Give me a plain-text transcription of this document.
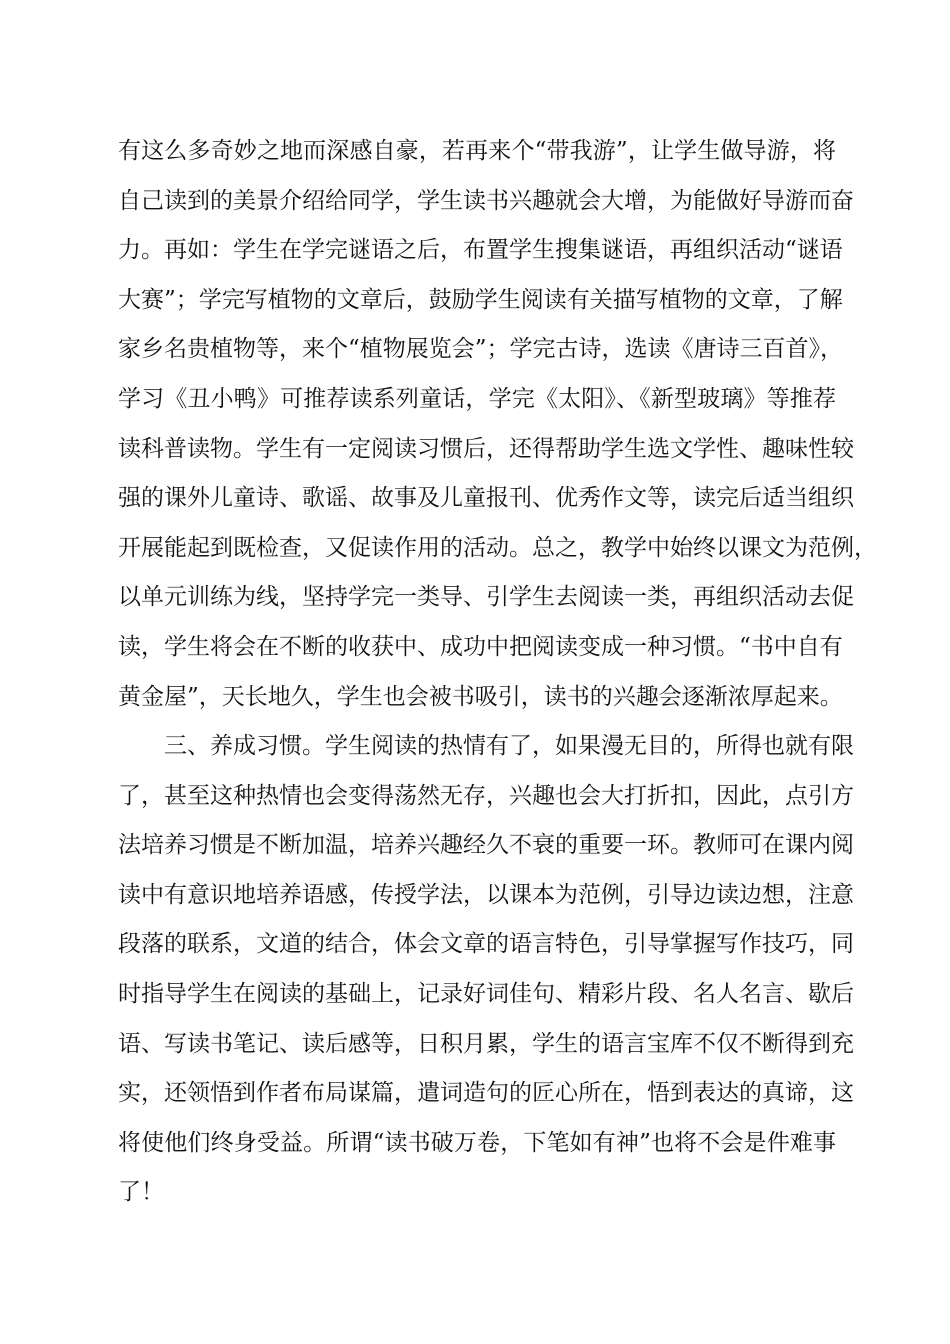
有这么多奇妙之地而深感自豪，若再来个“带我游”，让学生做导游，将
自己读到的美景介绍给同学，学生读书兴趣就会大增，为能做好导游而奋
力。再如：学生在学完谜语之后，布置学生搜集谜语，再组织活动“谜语
大赛”；学完写植物的文章后，鼓励学生阅读有关描写植物的文章，了解
家乡名贵植物等，来个“植物展览会”；学完古诗，选读《唐诗三百首》，
学习《丑小鸭》可推荐读系列童话，学完《太阳》、《新型玻璃》等推荐
读科普读物。学生有一定阅读习惯后，还得帮助学生选文学性、趣味性较
强的课外儿童诗、歌谣、故事及儿童报刊、优秀作文等，读完后适当组织
开展能起到既检查，又促读作用的活动。总之，教学中始终以课文为范例，
以单元训练为线，坚持学完一类导、引学生去阅读一类，再组织活动去促
读，学生将会在不断的收获中、成功中把阅读变成一种习惯。“书中自有
黄金屋”，天长地久，学生也会被书吸引，读书的兴趣会逐渐浓厚起来。
三、养成习惯。学生阅读的热情有了，如果漫无目的，所得也就有限
了，甚至这种热情也会变得荡然无存，兴趣也会大打折扣，因此，点引方
法培养习惯是不断加温，培养兴趣经久不衰的重要一环。教师可在课内阅
读中有意识地培养语感，传授学法，以课本为范例，引导边读边想，注意
段落的联系，文道的结合，体会文章的语言特色，引导掌握写作技巧，同
时指导学生在阅读的基础上，记录好词佳句、精彩片段、名人名言、歇后
语、写读书笔记、读后感等，日积月累，学生的语言宝库不仅不断得到充
实，还领悟到作者布局谋篇，遣词造句的匠心所在，悟到表达的真谛，这
将使他们终身受益。所谓“读书破万卷，下笔如有神”也将不会是件难事
了！
